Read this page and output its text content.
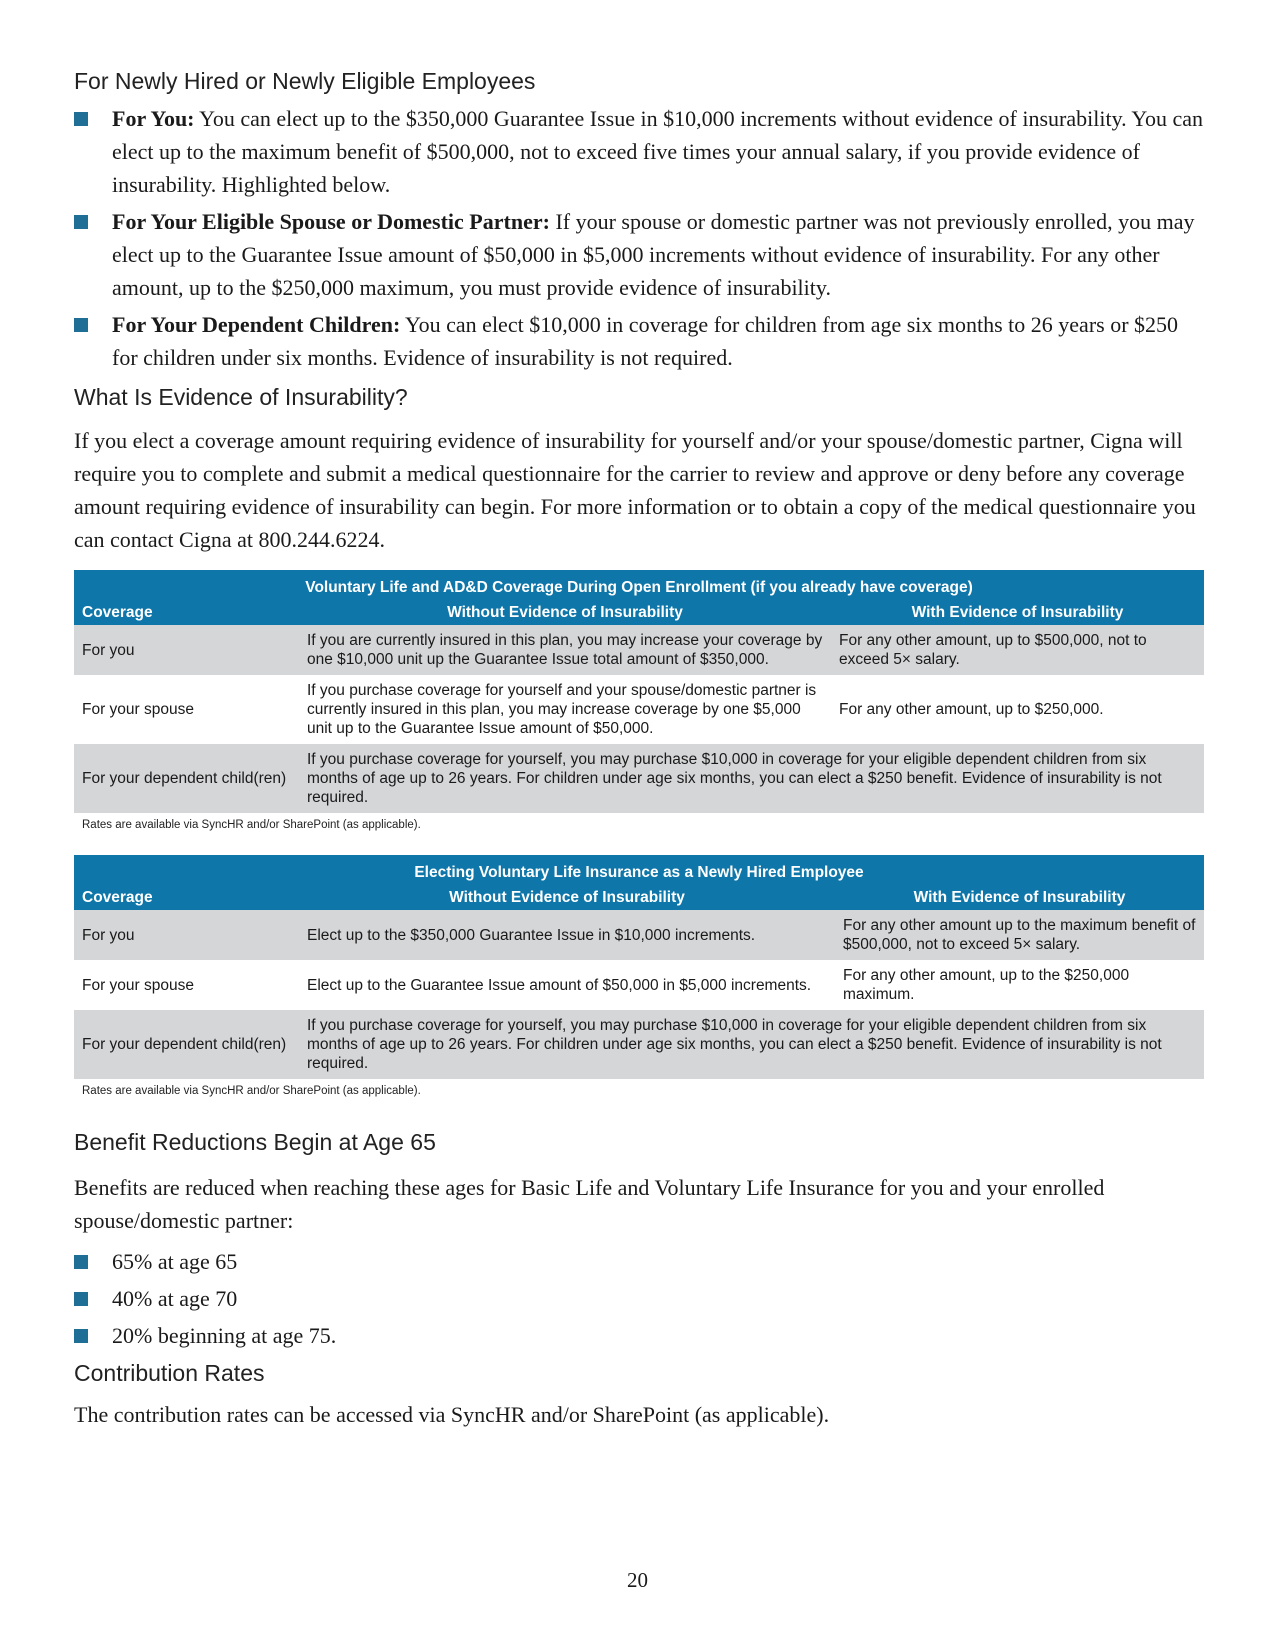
For Newly Hired or Newly Eligible Employees
For You: You can elect up to the $350,000 Guarantee Issue in $10,000 increments without evidence of insurability. You can elect up to the maximum benefit of $500,000, not to exceed five times your annual salary, if you provide evidence of insurability. Highlighted below.
For Your Eligible Spouse or Domestic Partner: If your spouse or domestic partner was not previously enrolled, you may elect up to the Guarantee Issue amount of $50,000 in $5,000 increments without evidence of insurability. For any other amount, up to the $250,000 maximum, you must provide evidence of insurability.
For Your Dependent Children: You can elect $10,000 in coverage for children from age six months to 26 years or $250 for children under six months. Evidence of insurability is not required.
What Is Evidence of Insurability?

If you elect a coverage amount requiring evidence of insurability for yourself and/or your spouse/domestic partner, Cigna will require you to complete and submit a medical questionnaire for the carrier to review and approve or deny before any coverage amount requiring evidence of insurability can begin. For more information or to obtain a copy of the medical questionnaire you can contact Cigna at 800.244.6224.

Voluntary Life and AD&D Coverage During Open Enrollment (if you already have coverage)		
Coverage	Without Evidence of Insurability	With Evidence of Insurability
For you	If you are currently insured in this plan, you may increase your coverage by one $10,000 unit up the Guarantee Issue total amount of $350,000.	For any other amount, up to $500,000, not to exceed 5× salary.
For your spouse	If you purchase coverage for yourself and your spouse/domestic partner is currently insured in this plan, you may increase coverage by one $5,000 unit up to the Guarantee Issue amount of $50,000.	For any other amount, up to $250,000.
For your dependent child(ren)	If you purchase coverage for yourself, you may purchase $10,000 in coverage for your eligible dependent children from six months of age up to 26 years. For children under age six months, you can elect a $250 benefit. Evidence of insurability is not required.	
Rates are available via SyncHR and/or SharePoint (as applicable).
Electing Voluntary Life Insurance as a Newly Hired Employee		
Coverage	Without Evidence of Insurability	With Evidence of Insurability
For you	Elect up to the $350,000 Guarantee Issue in $10,000 increments.	For any other amount up to the maximum benefit of $500,000, not to exceed 5× salary.
For your spouse	Elect up to the Guarantee Issue amount of $50,000 in $5,000 increments.	For any other amount, up to the $250,000 maximum.
For your dependent child(ren)	If you purchase coverage for yourself, you may purchase $10,000 in coverage for your eligible dependent children from six months of age up to 26 years. For children under age six months, you can elect a $250 benefit. Evidence of insurability is not required.	
Rates are available via SyncHR and/or SharePoint (as applicable).
Benefit Reductions Begin at Age 65

Benefits are reduced when reaching these ages for Basic Life and Voluntary Life Insurance for you and your enrolled spouse/domestic partner:

65% at age 65
40% at age 70
20% beginning at age 75.
Contribution Rates

The contribution rates can be accessed via SyncHR and/or SharePoint (as applicable).

20
